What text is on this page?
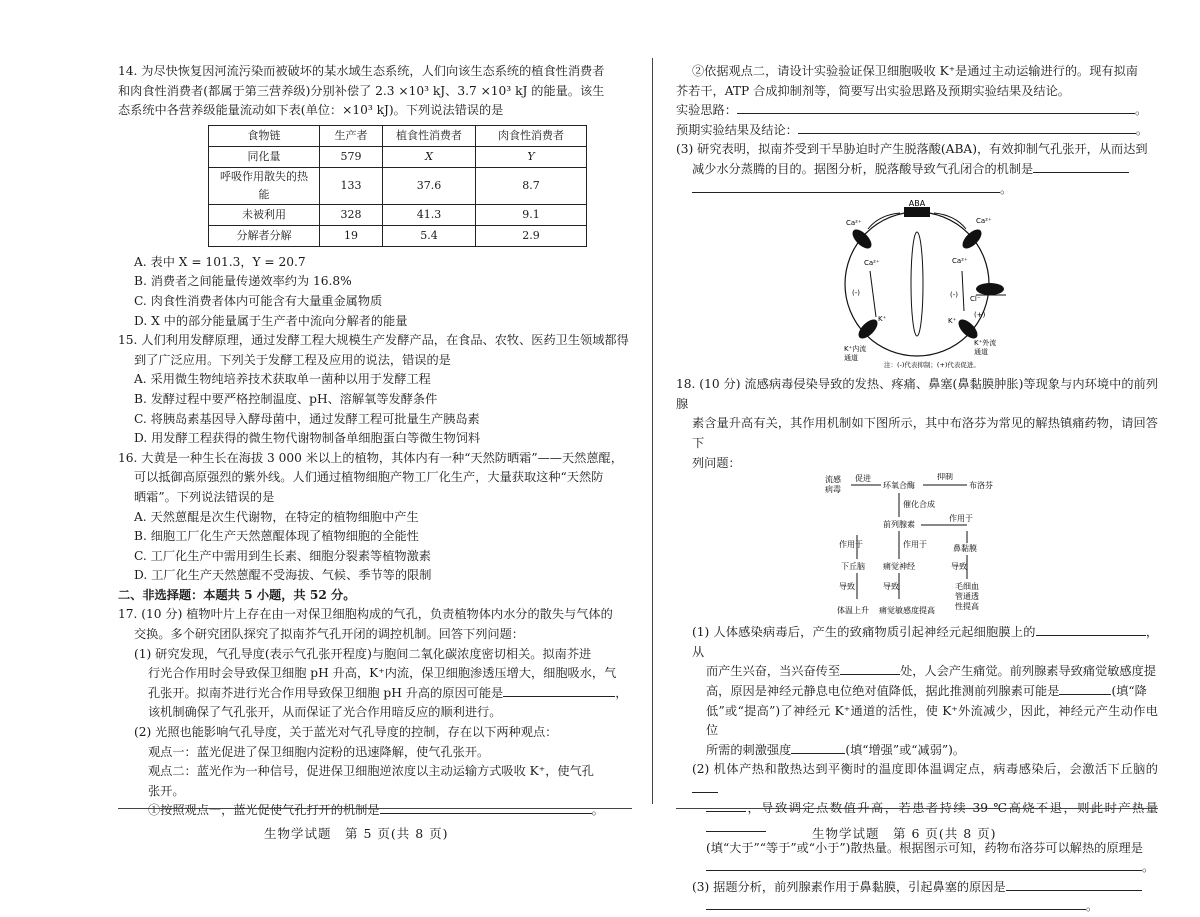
14. 为尽快恢复因河流污染而被破坏的某水域生态系统，人们向该生态系统的植食性消费者

和肉食性消费者(都属于第三营养级)分别补偿了 2.3 ×10³ kJ、3.7 ×10³ kJ 的能量。该生

态系统中各营养级能量流动如下表(单位：×10³ kJ)。下列说法错误的是

食物链	生产者	植食性消费者	肉食性消费者
同化量	579	X	Y
呼吸作用散失的热能	133	37.6	8.7
未被利用	328	41.3	9.1
分解者分解	19	5.4	2.9

A. 表中 X = 101.3，Y = 20.7

B. 消费者之间能量传递效率约为 16.8%

C. 肉食性消费者体内可能含有大量重金属物质

D. X 中的部分能量属于生产者中流向分解者的能量

15. 人们利用发酵原理，通过发酵工程大规模生产发酵产品，在食品、农牧、医药卫生领域都得

到了广泛应用。下列关于发酵工程及应用的说法，错误的是

A. 采用微生物纯培养技术获取单一菌种以用于发酵工程

B. 发酵过程中要严格控制温度、pH、溶解氧等发酵条件

C. 将胰岛素基因导入酵母菌中，通过发酵工程可批量生产胰岛素

D. 用发酵工程获得的微生物代谢物制备单细胞蛋白等微生物饲料

16. 大黄是一种生长在海拔 3 000 米以上的植物，其体内有一种“天然防晒霜”——天然蒽醌，

可以抵御高原强烈的紫外线。人们通过植物细胞产物工厂化生产，大量获取这种“天然防

晒霜”。下列说法错误的是

A. 天然蒽醌是次生代谢物，在特定的植物细胞中产生

B. 细胞工厂化生产天然蒽醌体现了植物细胞的全能性

C. 工厂化生产中需用到生长素、细胞分裂素等植物激素

D. 工厂化生产天然蒽醌不受海拔、气候、季节等的限制

二、非选择题：本题共 5 小题，共 52 分。

17. (10 分) 植物叶片上存在由一对保卫细胞构成的气孔，负责植物体内水分的散失与气体的

交换。多个研究团队探究了拟南芥气孔开闭的调控机制。回答下列问题：

(1) 研究发现，气孔导度(表示气孔张开程度)与胞间二氧化碳浓度密切相关。拟南芥进

行光合作用时会导致保卫细胞 pH 升高，K⁺内流，保卫细胞渗透压增大，细胞吸水，气

孔张开。拟南芥进行光合作用导致保卫细胞 pH 升高的原因可能是	，

该机制确保了气孔张开，从而保证了光合作用暗反应的顺利进行。

(2) 光照也能影响气孔导度，关于蓝光对气孔导度的控制，存在以下两种观点：

观点一：蓝光促进了保卫细胞内淀粉的迅速降解，使气孔张开。

观点二：蓝光作为一种信号，促进保卫细胞逆浓度以主动运输方式吸收 K⁺，使气孔

张开。

①按照观点一，蓝光促使气孔打开的机制是	。

生物学试题　第 5 页(共 8 页)

②依据观点二，请设计实验验证保卫细胞吸收 K⁺是通过主动运输进行的。现有拟南

芥若干，ATP 合成抑制剂等，简要写出实验思路及预期实验结果及结论。

实验思路：	。

预期实验结果及结论：	。

(3) 研究表明，拟南芥受到干旱胁迫时产生脱落酸(ABA)，有效抑制气孔张开，从而达到

减少水分蒸腾的目的。据图分析，脱落酸导致气孔闭合的机制是

。

ABA
Ca²⁺	Ca²⁺
Ca²⁺	Ca²⁺
(-)	(-) Cl⁻
(+)
K⁺	K⁺
K⁺内流
通道
K⁺外流
通道
注：(-)代表抑制；(+)代表促进。

18. (10 分) 流感病毒侵染导致的发热、疼痛、鼻塞(鼻黏膜肿胀)等现象与内环境中的前列腺

素含量升高有关，其作用机制如下图所示，其中布洛芬为常见的解热镇痛药物，请回答下

列问题：

流感
病毒
促进
环氧合酶
抑制
布洛芬
催化合成
前列腺素
作用于	作用于
作用于
下丘脑 痛觉神经
鼻黏膜
导致	导致
导致
体温上升 痛觉敏感度提高
毛细血
管通透
性提高

(1) 人体感染病毒后，产生的致痛物质引起神经元起细胞膜上的	，从

而产生兴奋，当兴奋传至	处，人会产生痛觉。前列腺素导致痛觉敏感度提

高，原因是神经元静息电位绝对值降低，据此推测前列腺素可能是	(填“降

低”或“提高”)了神经元 K⁺通道的活性，使 K⁺外流减少，因此，神经元产生动作电位

所需的刺激强度	(填“增强”或“减弱”)。

(2) 机体产热和散热达到平衡时的温度即体温调定点，病毒感染后，会激活下丘脑的

，导致调定点数值升高，若患者持续 39 ℃高烧不退，则此时产热量

(填“大于”“等于”或“小于”)散热量。根据图示可知，药物布洛芬可以解热的原理是

。

(3) 据题分析，前列腺素作用于鼻黏膜，引起鼻塞的原因是

。

生物学试题　第 6 页(共 8 页)
